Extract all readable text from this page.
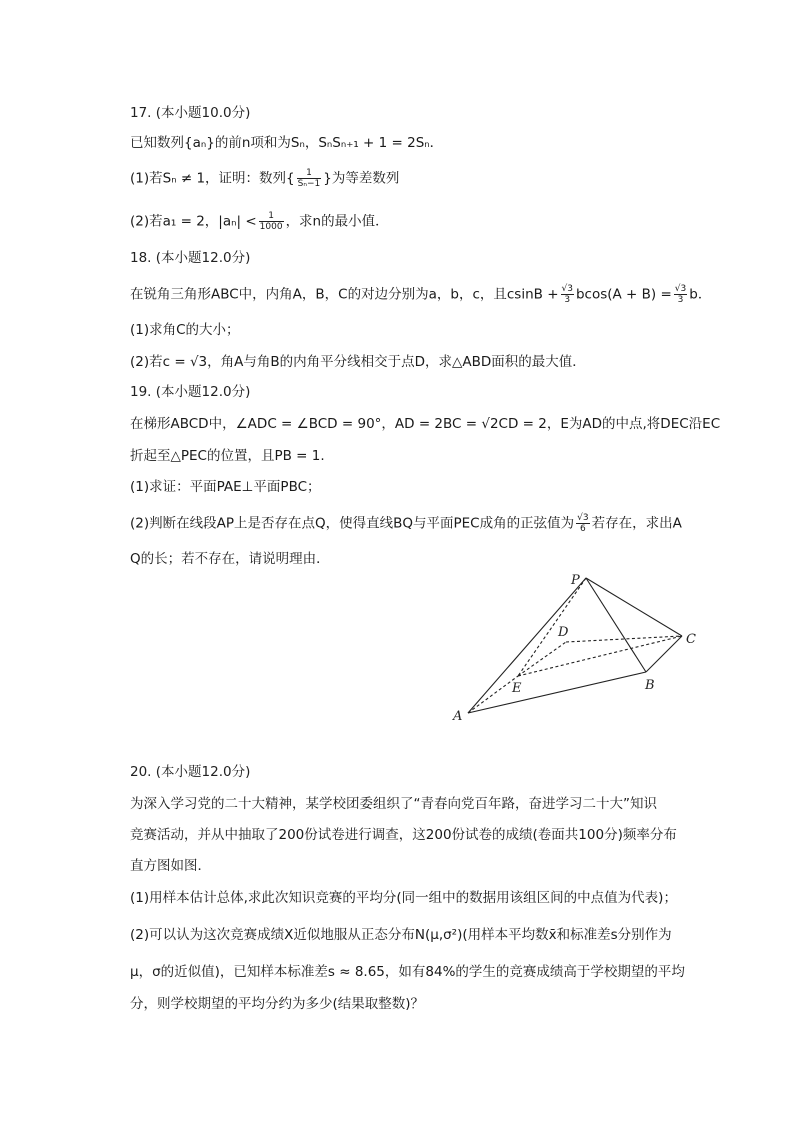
17. (本小题10.0分)
已知数列{aₙ}的前n项和为Sₙ，SₙSₙ₊₁ + 1 = 2Sₙ．
(1)若Sₙ ≠ 1，证明：数列{ $\frac{1}{\text{Sₙ−1}}$ }为等差数列
(2)若a₁ = 2，$|a_n| < \frac{1}{1000}$ ，求n的最小值．
18. (本小题12.0分)
在锐角三角形ABC中，内角A，B，C的对边分别为a，b，c，且$csinB + \frac{√3}{3} bcos(A + B) = \frac{√3}{3}$ b．
(1)求角C的大小；
(2)若c = √3，角A与角B的内角平分线相交于点D，求△ABD面积的最大值．
19. (本小题12.0分)
在梯形ABCD中，∠ADC = ∠BCD = 90°，AD = 2BC = √2CD = 2，E为AD的中点,将DEC沿EC
折起至△PEC的位置，且PB = 1.
(1)求证：平面PAE⊥平面PBC；
(2)判断在线段AP上是否存在点Q，使得直线BQ与平面PEC成角的正弦值为 $\frac{√3}{6}$ 若存在，求出A
Q的长；若不存在，请说明理由．
P
D	C
E	B
A
20. (本小题12.0分)
为深入学习党的二十大精神，某学校团委组织了“青春向党百年路，奋进学习二十大”知识
竞赛活动，并从中抽取了200份试卷进行调查，这200份试卷的成绩(卷面共100分)频率分布
直方图如图．
(1)用样本估计总体,求此次知识竞赛的平均分(同一组中的数据用该组区间的中点值为代表)；
(2)可以认为这次竞赛成绩X近似地服从正态分布N(μ,σ²)(用样本平均数x̄和标准差s分别作为
μ，σ的近似值)，已知样本标准差s ≈ 8.65，如有84%的学生的竞赛成绩高于学校期望的平均
分，则学校期望的平均分约为多少(结果取整数)？
